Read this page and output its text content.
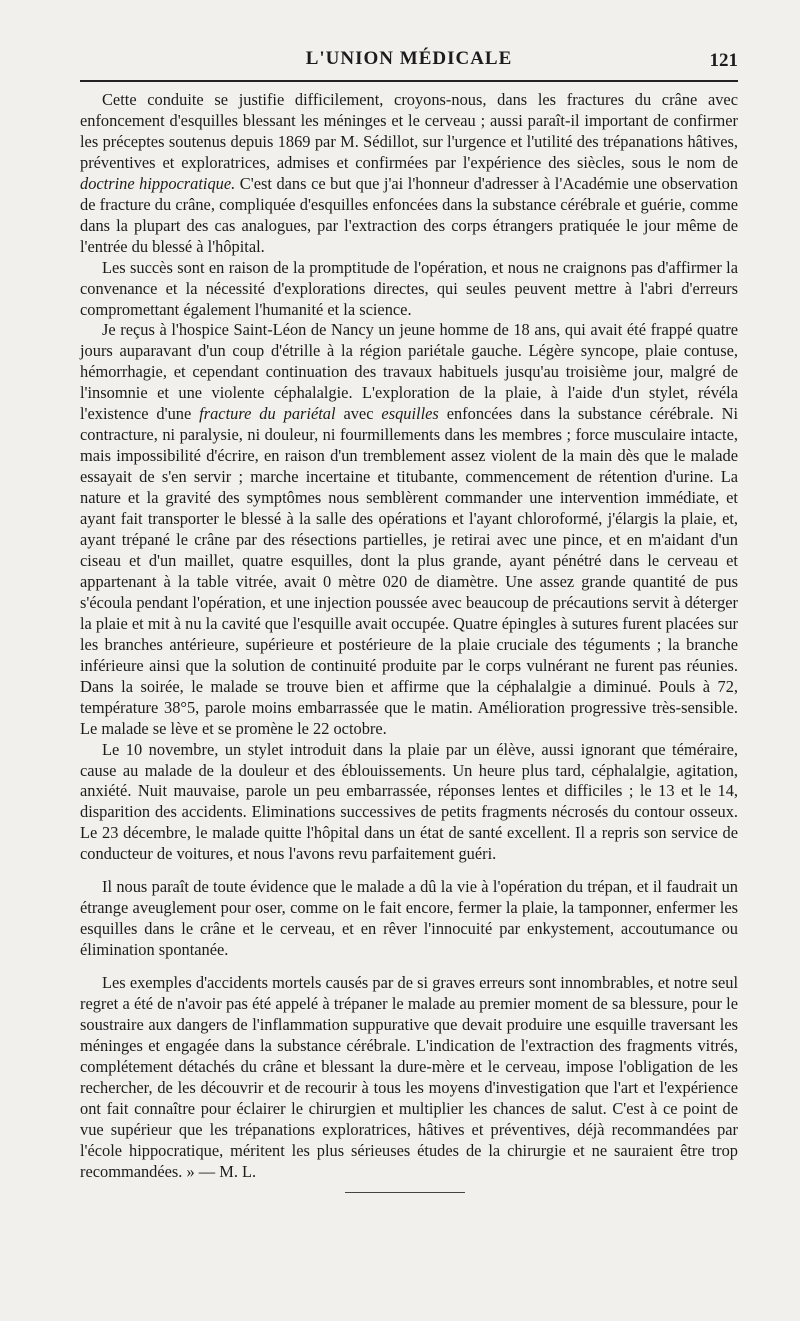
L'UNION MÉDICALE	121

Cette conduite se justifie difficilement, croyons-nous, dans les fractures du crâne avec enfoncement d'esquilles blessant les méninges et le cerveau ; aussi paraît-il important de confirmer les préceptes soutenus depuis 1869 par M. Sédillot, sur l'urgence et l'utilité des trépanations hâtives, préventives et exploratrices, admises et confirmées par l'expérience des siècles, sous le nom de doctrine hippocratique. C'est dans ce but que j'ai l'honneur d'adresser à l'Académie une observation de fracture du crâne, compliquée d'esquilles enfoncées dans la substance cérébrale et guérie, comme dans la plupart des cas analogues, par l'extraction des corps étrangers pratiquée le jour même de l'entrée du blessé à l'hôpital.

Les succès sont en raison de la promptitude de l'opération, et nous ne craignons pas d'affirmer la convenance et la nécessité d'explorations directes, qui seules peuvent mettre à l'abri d'erreurs compromettant également l'humanité et la science.

Je reçus à l'hospice Saint-Léon de Nancy un jeune homme de 18 ans, qui avait été frappé quatre jours auparavant d'un coup d'étrille à la région pariétale gauche. Légère syncope, plaie contuse, hémorrhagie, et cependant continuation des travaux habituels jusqu'au troisième jour, malgré de l'insomnie et une violente céphalalgie. L'exploration de la plaie, à l'aide d'un stylet, révéla l'existence d'une fracture du pariétal avec esquilles enfoncées dans la substance cérébrale. Ni contracture, ni paralysie, ni douleur, ni fourmillements dans les membres ; force musculaire intacte, mais impossibilité d'écrire, en raison d'un tremblement assez violent de la main dès que le malade essayait de s'en servir ; marche incertaine et titubante, commencement de rétention d'urine. La nature et la gravité des symptômes nous semblèrent commander une intervention immédiate, et ayant fait transporter le blessé à la salle des opérations et l'ayant chloroformé, j'élargis la plaie, et, ayant trépané le crâne par des résections partielles, je retirai avec une pince, et en m'aidant d'un ciseau et d'un maillet, quatre esquilles, dont la plus grande, ayant pénétré dans le cerveau et appartenant à la table vitrée, avait 0 mètre 020 de diamètre. Une assez grande quantité de pus s'écoula pendant l'opération, et une injection poussée avec beaucoup de précautions servit à déterger la plaie et mit à nu la cavité que l'esquille avait occupée. Quatre épingles à sutures furent placées sur les branches antérieure, supérieure et postérieure de la plaie cruciale des téguments ; la branche inférieure ainsi que la solution de continuité produite par le corps vulnérant ne furent pas réunies. Dans la soirée, le malade se trouve bien et affirme que la céphalalgie a diminué. Pouls à 72, température 38°5, parole moins embarrassée que le matin. Amélioration progressive très-sensible. Le malade se lève et se promène le 22 octobre.

Le 10 novembre, un stylet introduit dans la plaie par un élève, aussi ignorant que téméraire, cause au malade de la douleur et des éblouissements. Un heure plus tard, céphalalgie, agitation, anxiété. Nuit mauvaise, parole un peu embarrassée, réponses lentes et difficiles ; le 13 et le 14, disparition des accidents. Eliminations successives de petits fragments nécrosés du contour osseux. Le 23 décembre, le malade quitte l'hôpital dans un état de santé excellent. Il a repris son service de conducteur de voitures, et nous l'avons revu parfaitement guéri.

Il nous paraît de toute évidence que le malade a dû la vie à l'opération du trépan, et il faudrait un étrange aveuglement pour oser, comme on le fait encore, fermer la plaie, la tamponner, enfermer les esquilles dans le crâne et le cerveau, et en rêver l'innocuité par enkystement, accoutumance ou élimination spontanée.

Les exemples d'accidents mortels causés par de si graves erreurs sont innombrables, et notre seul regret a été de n'avoir pas été appelé à trépaner le malade au premier moment de sa blessure, pour le soustraire aux dangers de l'inflammation suppurative que devait produire une esquille traversant les méninges et engagée dans la substance cérébrale. L'indication de l'extraction des fragments vitrés, complétement détachés du crâne et blessant la dure-mère et le cerveau, impose l'obligation de les rechercher, de les découvrir et de recourir à tous les moyens d'investigation que l'art et l'expérience ont fait connaître pour éclairer le chirurgien et multiplier les chances de salut. C'est à ce point de vue supérieur que les trépanations exploratrices, hâtives et préventives, déjà recommandées par l'école hippocratique, méritent les plus sérieuses études de la chirurgie et ne sauraient être trop recommandées. » — M. L.
